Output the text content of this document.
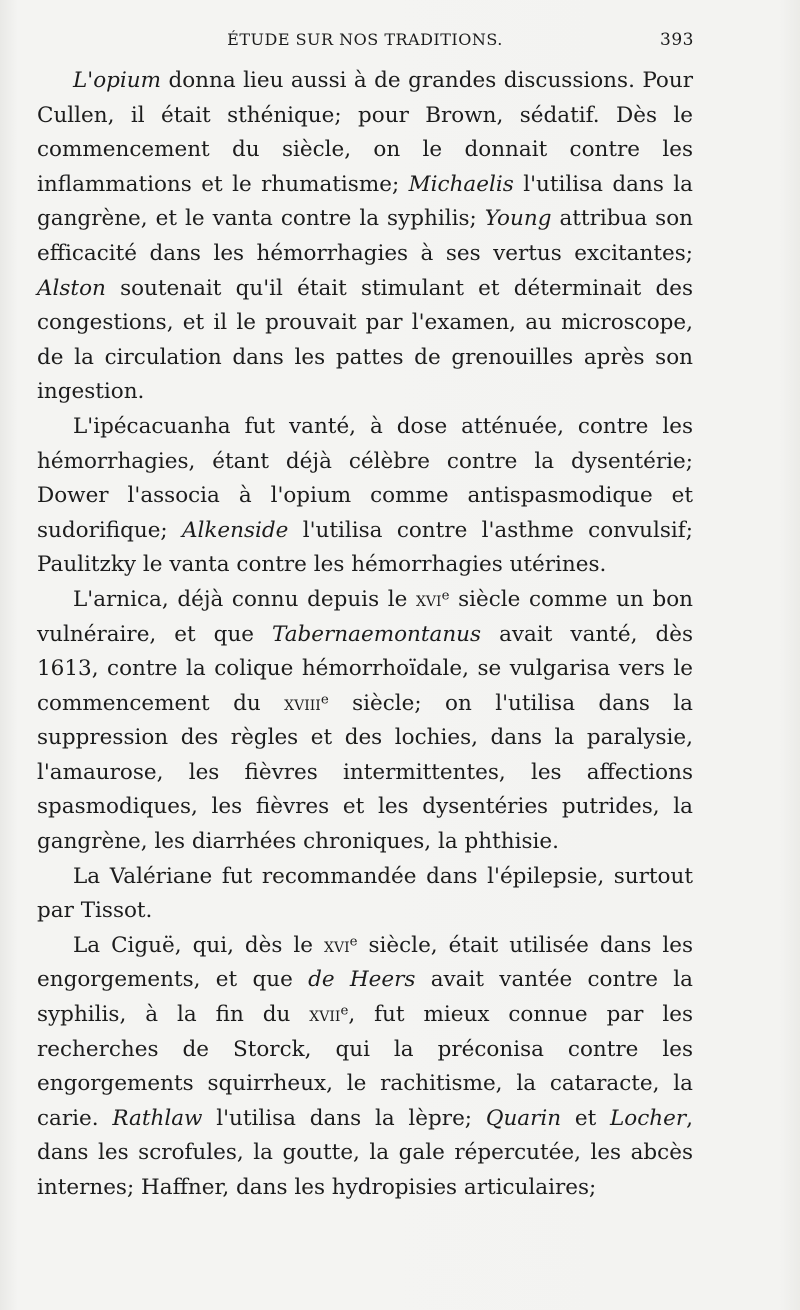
ÉTUDE SUR NOS TRADITIONS.	393

L'opium donna lieu aussi à de grandes discussions. Pour Cullen, il était sthénique; pour Brown, sédatif. Dès le commencement du siècle, on le donnait contre les inflammations et le rhumatisme; Michaelis l'utilisa dans la gangrène, et le vanta contre la syphilis; Young attribua son efficacité dans les hémorrhagies à ses vertus excitantes; Alston soutenait qu'il était stimulant et déterminait des congestions, et il le prouvait par l'examen, au microscope, de la circulation dans les pattes de grenouilles après son ingestion.

L'ipécacuanha fut vanté, à dose atténuée, contre les hémorrhagies, étant déjà célèbre contre la dysentérie; Dower l'associa à l'opium comme antispasmodique et sudorifique; Alkenside l'utilisa contre l'asthme convulsif; Paulitzky le vanta contre les hémorrhagies utérines.

L'arnica, déjà connu depuis le xvi$^e$ siècle comme un bon vulnéraire, et que Tabernaemontanus avait vanté, dès 1613, contre la colique hémorrhoïdale, se vulgarisa vers le commencement du xviii$^e$ siècle; on l'utilisa dans la suppression des règles et des lochies, dans la paralysie, l'amaurose, les fièvres intermittentes, les affections spasmodiques, les fièvres et les dysentéries putrides, la gangrène, les diarrhées chroniques, la phthisie.

La Valériane fut recommandée dans l'épilepsie, surtout par Tissot.

La Ciguë, qui, dès le xvi$^e$ siècle, était utilisée dans les engorgements, et que de Heers avait vantée contre la syphilis, à la fin du xvii$^e$, fut mieux connue par les recherches de Storck, qui la préconisa contre les engorgements squirrheux, le rachitisme, la cataracte, la carie. Rathlaw l'utilisa dans la lèpre; Quarin et Locher, dans les scrofules, la goutte, la gale répercutée, les abcès internes; Haffner, dans les hydropisies articulaires;
